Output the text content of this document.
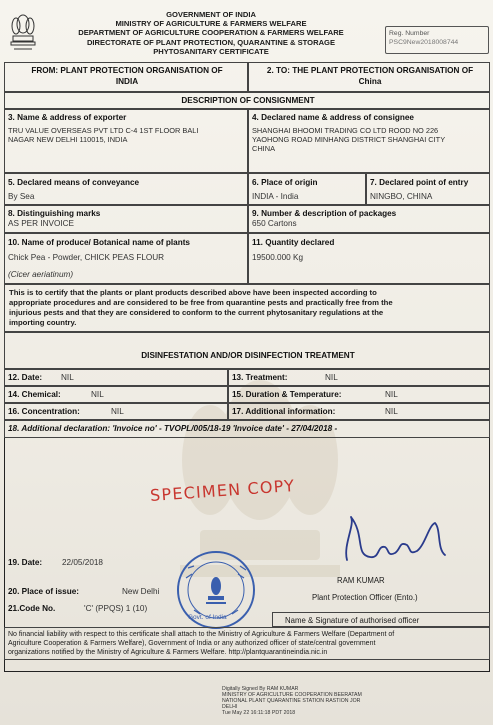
GOVERNMENT OF INDIA
MINISTRY OF AGRICULTURE & FARMERS WELFARE
DEPARTMENT OF AGRICULTURE COOPERATION & FARMERS WELFARE
DIRECTORATE OF PLANT PROTECTION, QUARANTINE & STORAGE
PHYTOSANITARY CERTIFICATE
Reg. Number
PSC9New2018008744
FROM: PLANT PROTECTION ORGANISATION OF
INDIA
2. TO: THE PLANT PROTECTION ORGANISATION OF
China
DESCRIPTION OF CONSIGNMENT
3. Name & address of exporter
TRU VALUE OVERSEAS PVT LTD C-4 1ST FLOOR BALI
NAGAR NEW DELHI 110015, INDIA
4. Declared name & address of consignee
SHANGHAI BHOOMI TRADING CO LTD ROOD NO 226
YAOHONG ROAD MINHANG DISTRICT SHANGHAI CITY
CHINA
5. Declared means of conveyance
By Sea
6. Place of origin
INDIA - India
7. Declared point of entry
NINGBO, CHINA
8. Distinguishing marks
AS PER INVOICE
9. Number & description of packages
650 Cartons
10. Name of produce/ Botanical name of plants
Chick Pea - Powder, CHICK PEAS FLOUR
(Cicer aeriatinum)
11. Quantity declared
19500.000 Kg
This is to certify that the plants or plant products described above have been inspected according to
appropriate procedures and are considered to be free from quarantine pests and practically free from the
injurious pests and that they are considered to conform to the current phytosanitary regulations at the
importing country.
DISINFESTATION AND/OR DISINFECTION TREATMENT
12. Date: NIL	13. Treatment:	NIL
14. Chemical:	NIL	15. Duration & Temperature:	NIL
16. Concentration:	NIL	17. Additional information:	NIL
18. Additional declaration: 'Invoice no' - TVOPL/005/18-19 'Invoice date' - 27/04/2018 -
SPECIMEN COPY
Govt. of India
19. Date: 22/05/2018
20. Place of issue:	New Delhi
21.Code No.	'C' (PPQS) 1 (10)
RAM KUMAR
Plant Protection Officer (Ento.)
Name & Signature of authorised officer
No financial liability with respect to this certificate shall attach to the Ministry of Agriculture & Farmers Welfare (Department of
Agriculture Cooperation & Farmers Welfare), Government of India or any authorized officer of state/central government
organizations notified by the Ministry of Agriculture & Farmers Welfare. http://plantquarantineindia.nic.in
Digitally Signed By RAM KUMAR
MINISTRY OF AGRICULTURE COOPERATION BEERATAM
NATIONAL PLANT QUARANTINE STATION RASTION JOR
DELHI
Tue May 22 16:11:18 PDT 2018
